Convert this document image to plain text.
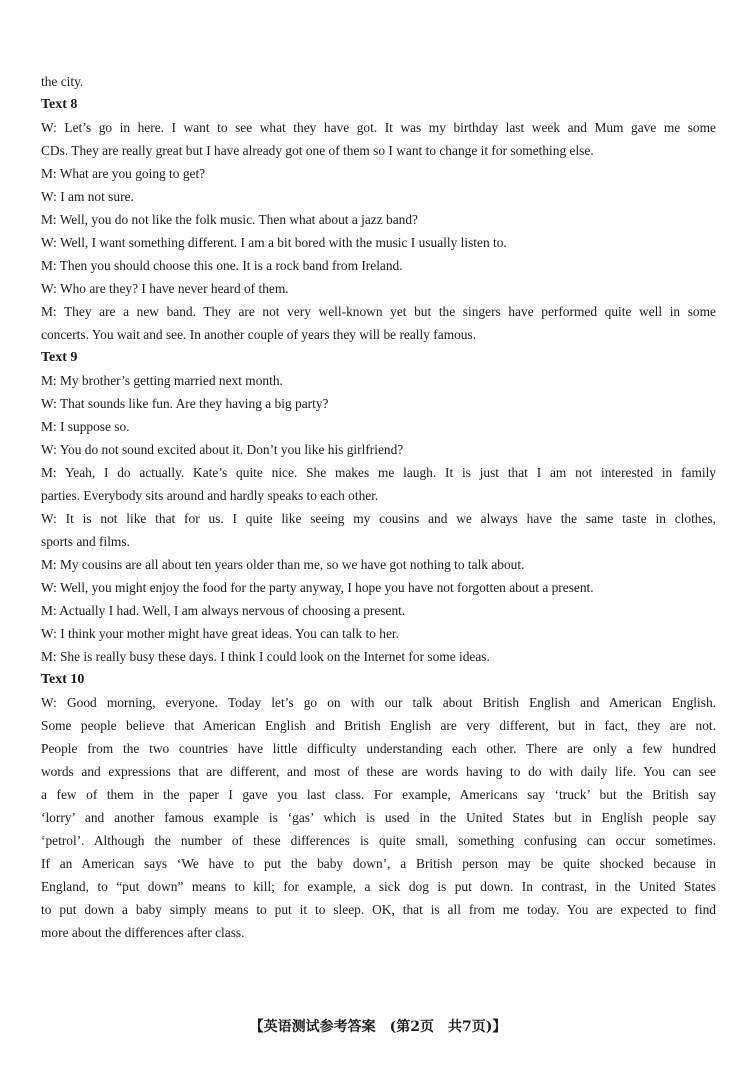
the city.

Text 8

W: Let’s go in here. I want to see what they have got. It was my birthday last week and Mum gave me some

CDs. They are really great but I have already got one of them so I want to change it for something else.

M: What are you going to get?

W: I am not sure.

M: Well, you do not like the folk music. Then what about a jazz band?

W: Well, I want something different. I am a bit bored with the music I usually listen to.

M: Then you should choose this one. It is a rock band from Ireland.

W: Who are they? I have never heard of them.

M: They are a new band. They are not very well-known yet but the singers have performed quite well in some

concerts. You wait and see. In another couple of years they will be really famous.

Text 9

M: My brother’s getting married next month.

W: That sounds like fun. Are they having a big party?

M: I suppose so.

W: You do not sound excited about it. Don’t you like his girlfriend?

M: Yeah, I do actually. Kate’s quite nice. She makes me laugh. It is just that I am not interested in family

parties. Everybody sits around and hardly speaks to each other.

W: It is not like that for us. I quite like seeing my cousins and we always have the same taste in clothes,

sports and films.

M: My cousins are all about ten years older than me, so we have got nothing to talk about.

W: Well, you might enjoy the food for the party anyway, I hope you have not forgotten about a present.

M: Actually I had. Well, I am always nervous of choosing a present.

W: I think your mother might have great ideas. You can talk to her.

M: She is really busy these days. I think I could look on the Internet for some ideas.

Text 10

W: Good morning, everyone. Today let’s go on with our talk about British English and American English.

Some people believe that American English and British English are very different, but in fact, they are not.

People from the two countries have little difficulty understanding each other. There are only a few hundred

words and expressions that are different, and most of these are words having to do with daily life. You can see

a few of them in the paper I gave you last class. For example, Americans say ‘truck’ but the British say

‘lorry’ and another famous example is ‘gas’ which is used in the United States but in English people say

‘petrol’. Although the number of these differences is quite small, something confusing can occur sometimes.

If an American says ‘We have to put the baby down’, a British person may be quite shocked because in

England, to “put down” means to kill; for example, a sick dog is put down. In contrast, in the United States

to put down a baby simply means to put it to sleep. OK, that is all from me today. You are expected to find

more about the differences after class.

【英语测试参考答案　(第2页　共7页)】
